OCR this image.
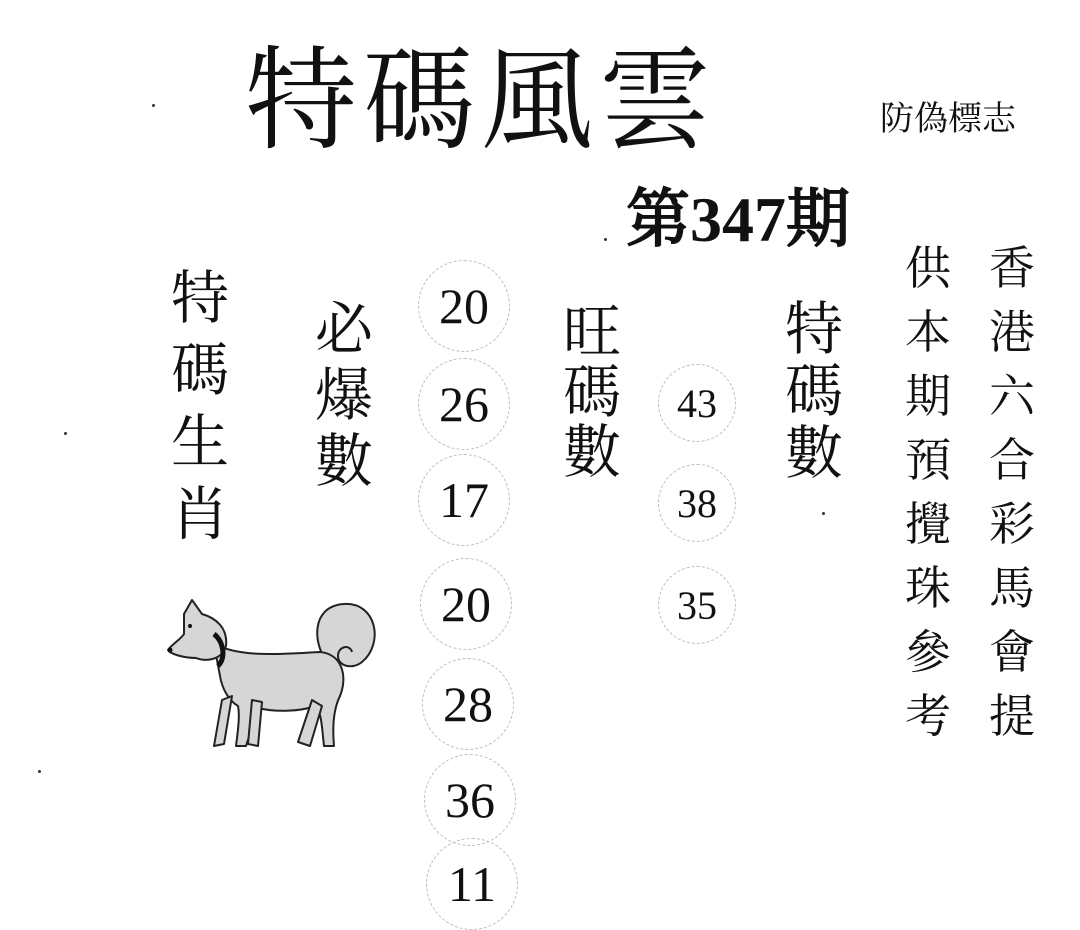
特碼風雲	防偽標志
第347期
特
碼
生
肖
必
爆
數
20
26
17
20
28
36
11
旺
碼
數
43
38
35
特
碼
數
供 香
本 港
期 六
預 合
攪 彩
珠 馬
參 會
考 提
